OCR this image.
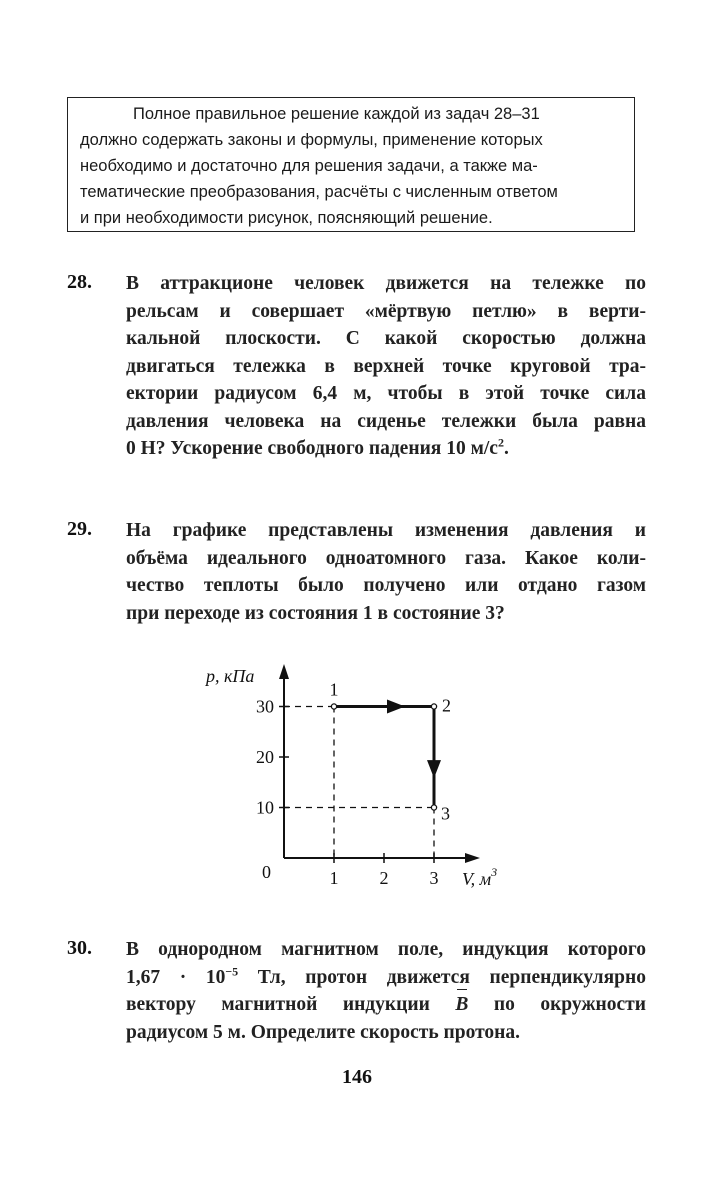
Полное правильное решение каждой из задач 28–31
должно содержать законы и формулы, применение которых
необходимо и достаточно для решения задачи, а также ма-
тематические преобразования, расчёты с численным ответом
и при необходимости рисунок, поясняющий решение.
28. В аттракционе человек движется на тележке по
рельсам и совершает «мёртвую петлю» в верти-
кальной плоскости. С какой скоростью должна
двигаться тележка в верхней точке круговой тра-
ектории радиусом 6,4 м, чтобы в этой точке сила
давления человека на сиденье тележки была равна
0 Н? Ускорение свободного падения 10 $м/с^2$.
29. На графике представлены изменения давления и
объёма идеального одноатомного газа. Какое коли-
чество теплоты было получено или отдано газом
при переходе из состояния 1 в состояние 3?
p, кПа
V, $м^3$
0	1 2 3
10
20
30
1
2
3
30. В однородном магнитном поле, индукция которого
$1,67 \cdot 10^{-5}$ Тл, протон движется перпендикулярно
вектору магнитной индукции B по окружности
радиусом 5 м. Определите скорость протона.
146
